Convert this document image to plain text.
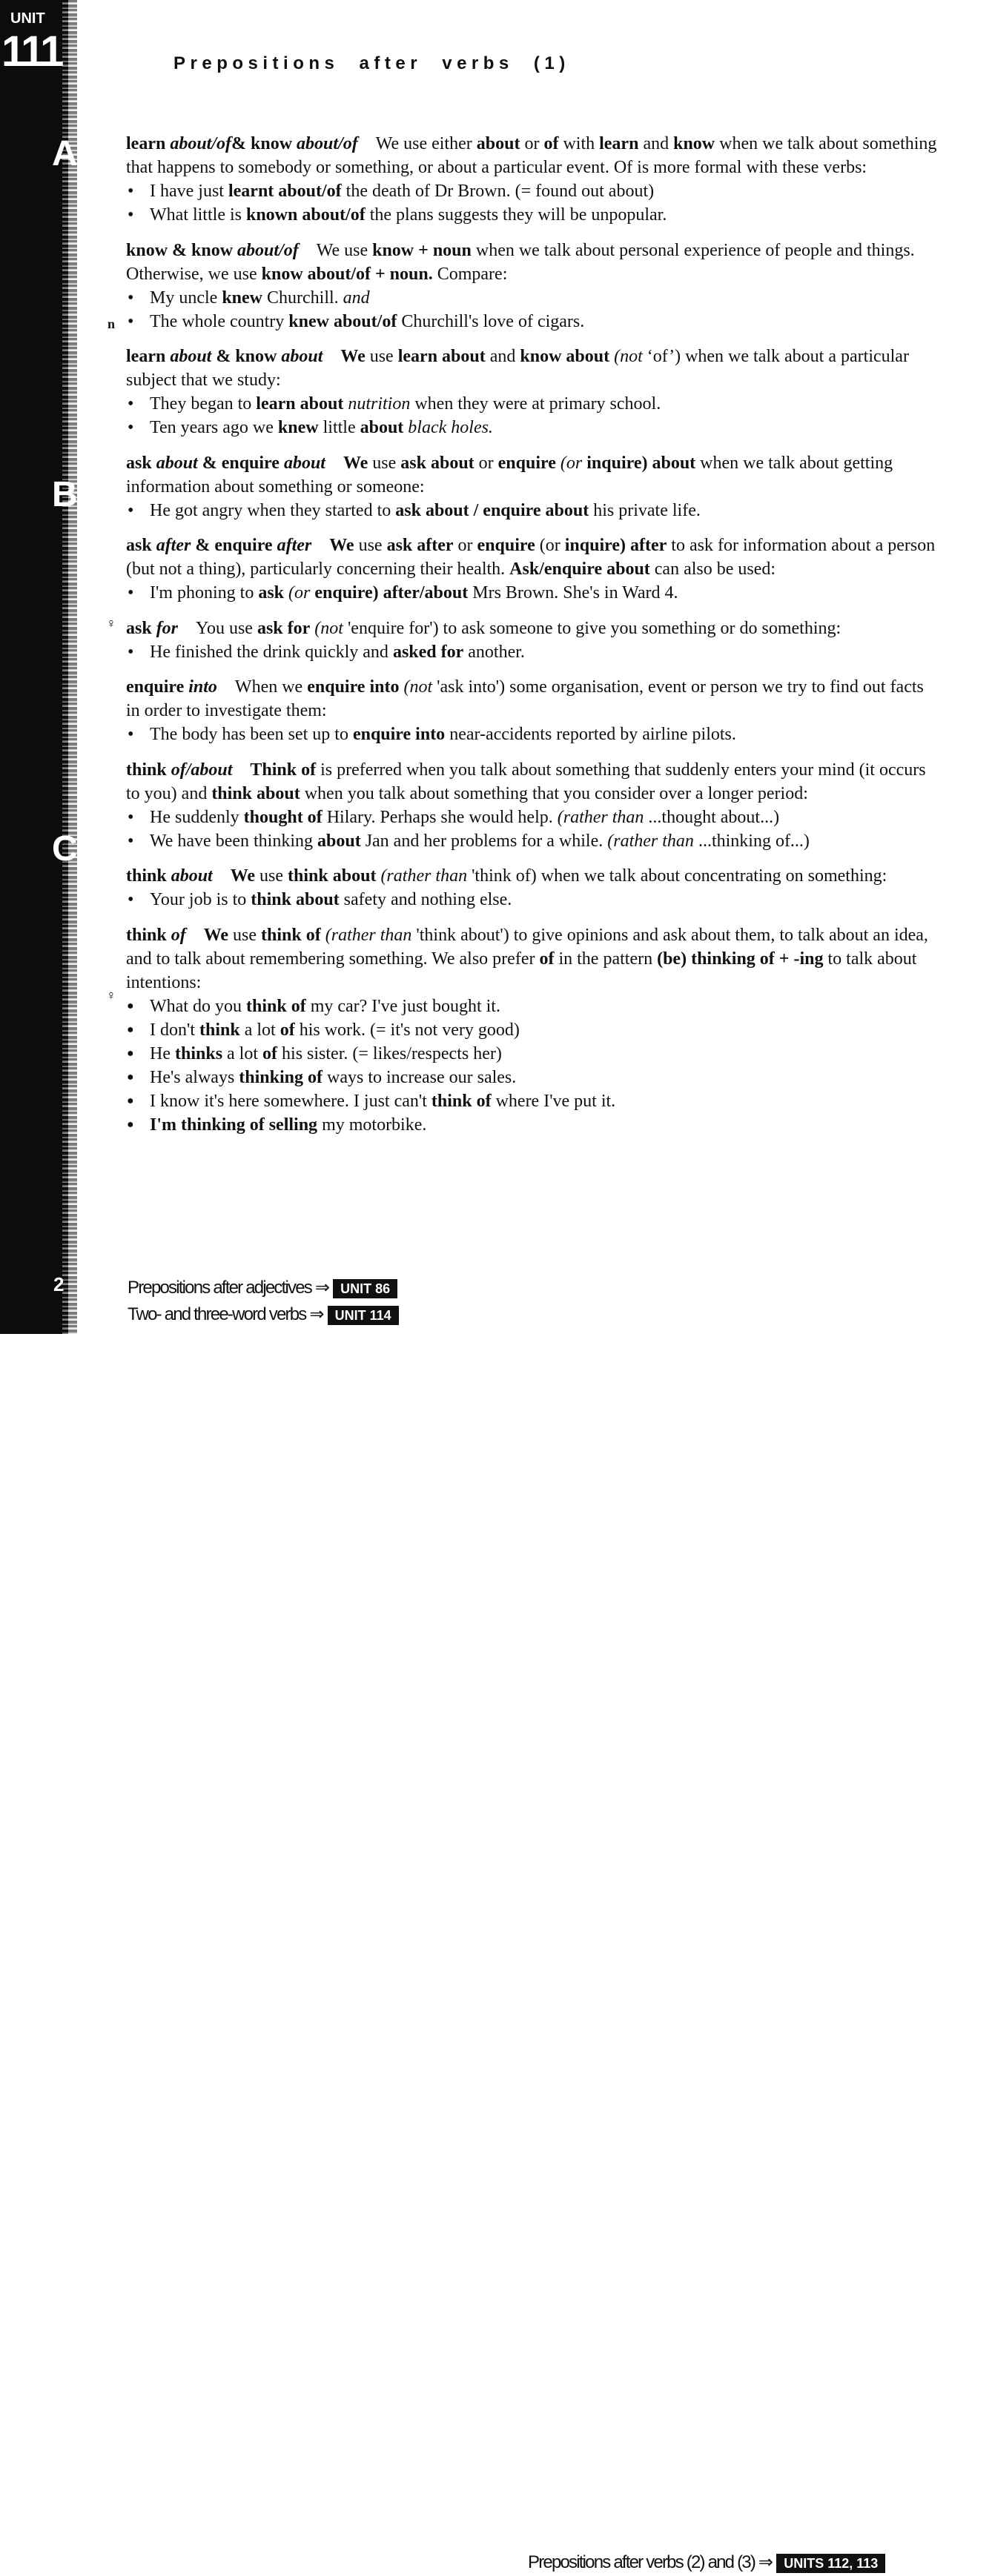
UNIT
111
A
B
C
2
Prepositions after verbs (1)
n
♀
♀

learn about/of& know about/of  We use either about or of with learn and know when we talk about something that happens to somebody or something, or about a particular event. Of is more formal with these verbs:

• I have just learnt about/of the death of Dr Brown. (= found out about)
• What little is known about/of the plans suggests they will be unpopular.

know & know about/of  We use know + noun when we talk about personal experience of people and things. Otherwise, we use know about/of + noun. Compare:

• My uncle knew Churchill. and
• The whole country knew about/of Churchill's love of cigars.

learn about & know about  We use learn about and know about (not ‘of’) when we talk about a particular subject that we study:

• They began to learn about nutrition when they were at primary school.
• Ten years ago we knew little about black holes.

ask about & enquire about  We use ask about or enquire (or inquire) about when we talk about getting information about something or someone:

• He got angry when they started to ask about / enquire about his private life.

ask after & enquire after  We use ask after or enquire (or inquire) after to ask for information about a person (but not a thing), particularly concerning their health. Ask/enquire about can also be used:

• I'm phoning to ask (or enquire) after/about Mrs Brown. She's in Ward 4.

ask for  You use ask for (not 'enquire for') to ask someone to give you something or do something:

• He finished the drink quickly and asked for another.

enquire into  When we enquire into (not 'ask into') some organisation, event or person we try to find out facts in order to investigate them:

• The body has been set up to enquire into near-accidents reported by airline pilots.

think of/about  Think of is preferred when you talk about something that suddenly enters your mind (it occurs to you) and think about when you talk about something that you consider over a longer period:

• He suddenly thought of Hilary. Perhaps she would help. (rather than ...thought about...)
• We have been thinking about Jan and her problems for a while. (rather than ...thinking of...)

think about  We use think about (rather than 'think of) when we talk about concentrating on something:

• Your job is to think about safety and nothing else.

think of  We use think of (rather than 'think about') to give opinions and ask about them, to talk about an idea, and to talk about remembering something. We also prefer of in the pattern (be) thinking of + -ing to talk about intentions:

● What do you think of my car? I've just bought it.
● I don't think a lot of his work. (= it's not very good)
● He thinks a lot of his sister. (= likes/respects her)
● He's always thinking of ways to increase our sales.
● I know it's here somewhere. I just can't think of where I've put it.
● I'm thinking of selling my motorbike.
Prepositions after adjectives ⇒ UNIT 86
Two- and three-word verbs ⇒ UNIT 114
Prepositions after verbs (2) and (3) ⇒ UNITS 112, 113
